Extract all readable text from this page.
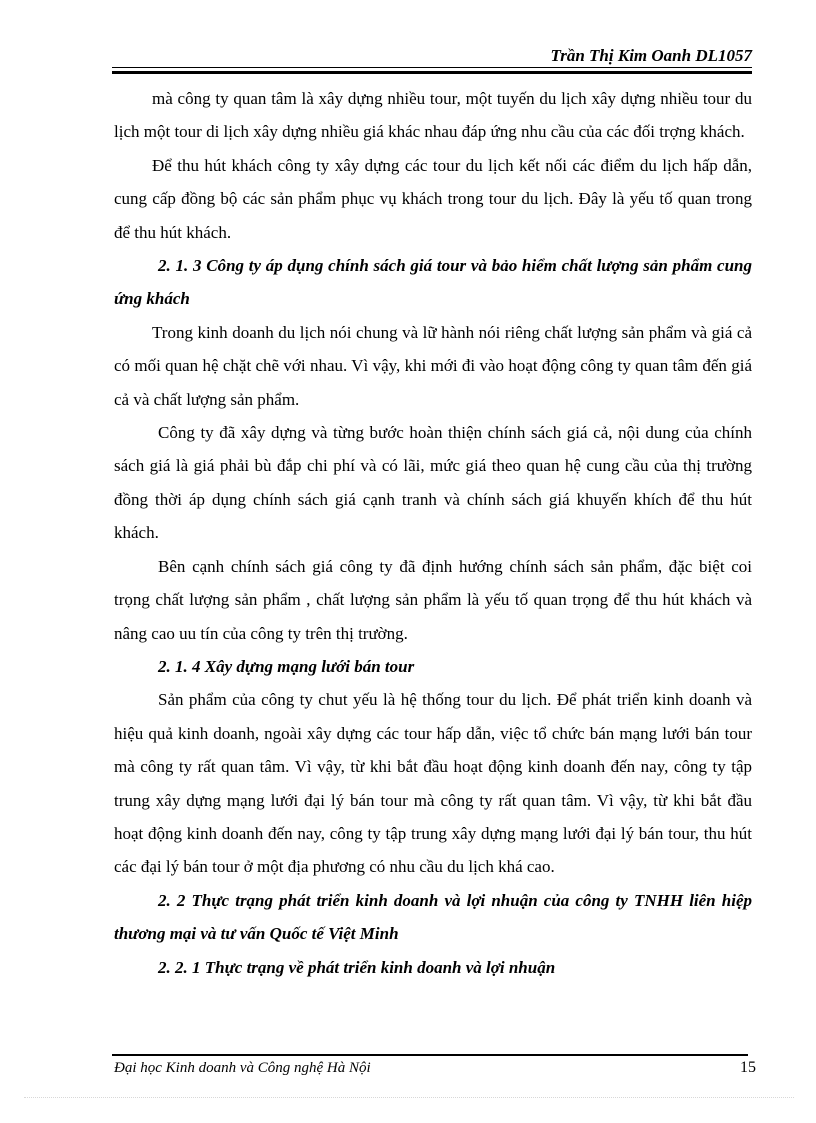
Trần Thị Kim Oanh DL1057

mà công ty quan tâm là xây dựng nhiều tour, một tuyến du lịch xây dựng nhiều tour du lịch một tour di lịch xây dựng nhiều giá khác nhau đáp ứng nhu cầu của các đối trợng khách.

Để thu hút khách công ty xây dựng các tour du lịch kết nối các điểm du lịch hấp dẫn, cung cấp đồng bộ các sản phẩm phục vụ khách trong tour du lịch. Đây là yếu tố quan trong để thu hút khách.

2. 1. 3 Công ty áp dụng chính sách giá tour và bảo hiểm chất lượng sản phẩm cung ứng khách

Trong kinh doanh du lịch nói chung và lữ hành nói riêng chất lượng sản phẩm và giá cả có mối quan hệ chặt chẽ với nhau. Vì vậy, khi mới đi vào hoạt động công ty quan tâm đến giá cả và chất lượng sản phẩm.

Công ty đã xây dựng và từng bước hoàn thiện chính sách giá cả, nội dung của chính sách giá là giá phải bù đắp chi phí và có lãi, mức giá theo quan hệ cung cầu của thị trường đồng thời áp dụng chính sách giá cạnh tranh và chính sách giá khuyến khích để thu hút khách.

Bên cạnh chính sách giá công ty đã định hướng chính sách sản phẩm, đặc biệt coi trọng chất lượng sản phẩm , chất lượng sản phẩm là yếu tố quan trọng để thu hút khách và nâng cao uu tín của công ty trên thị trường.

2. 1. 4 Xây dựng mạng lưới bán tour

Sản phẩm của công ty chut yếu là hệ thống tour du lịch. Để phát triển kinh doanh và hiệu quả kinh doanh, ngoài xây dựng các tour hấp dẫn, việc tổ chức bán mạng lưới bán tour mà công ty rất quan tâm. Vì vậy, từ khi bắt đầu hoạt động kinh doanh đến nay, công ty tập trung xây dựng mạng lưới đại lý bán tour mà công ty rất quan tâm. Vì vậy, từ khi bắt đầu hoạt động kinh doanh đến nay, công ty tập trung xây dựng mạng lưới đại lý bán tour, thu hút các đại lý bán tour ở một địa phương có nhu cầu du lịch khá cao.

2. 2 Thực trạng phát triển kinh doanh và lợi nhuận của công ty TNHH liên hiệp thương mại và tư vấn Quốc tế Việt Minh

2. 2. 1 Thực trạng về phát triển kinh doanh và lợi nhuận

Đại học Kinh doanh và Công nghệ Hà Nội	15
